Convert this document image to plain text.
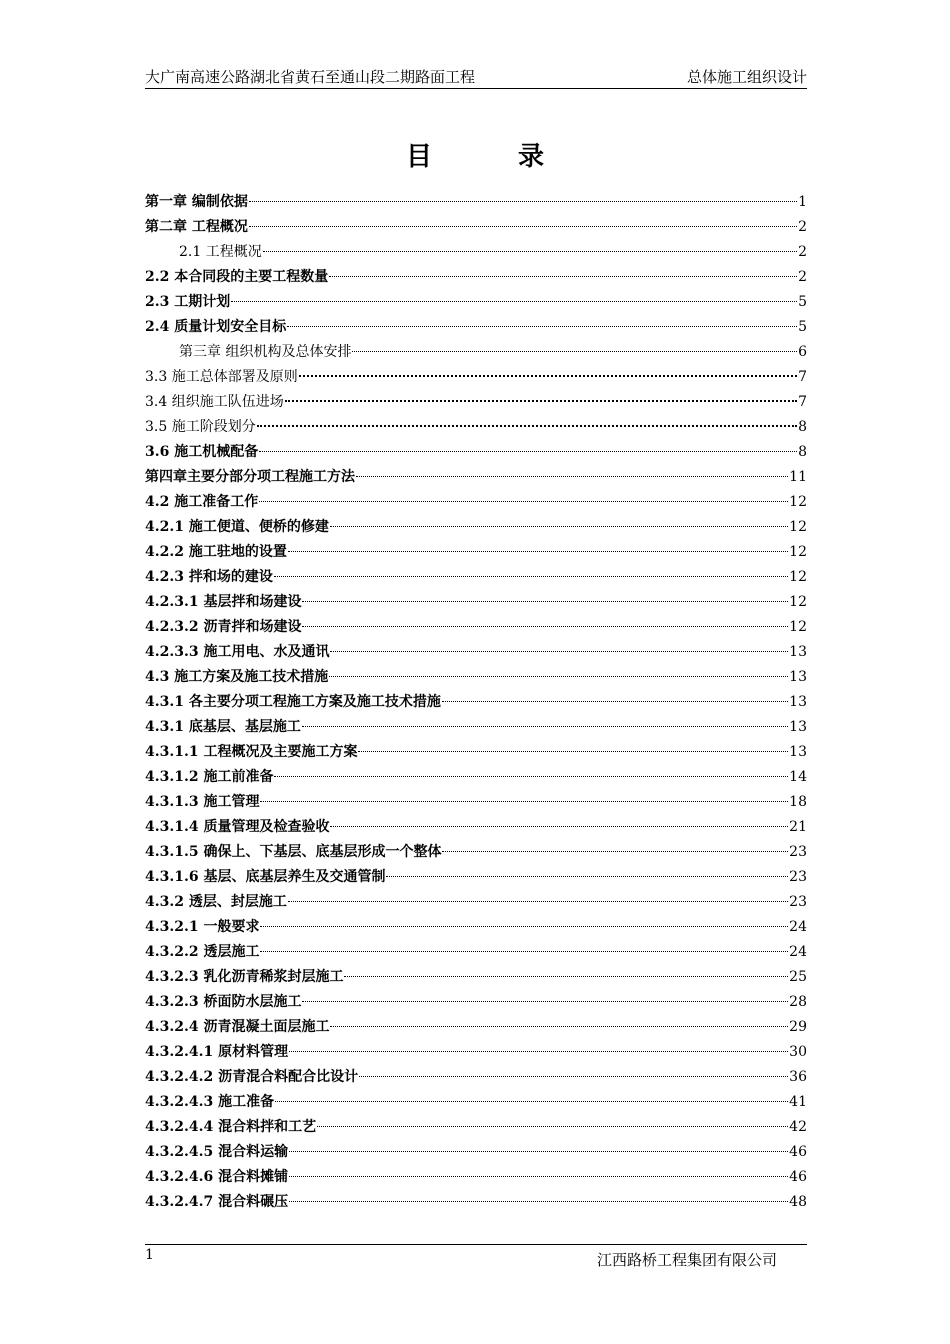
大广南高速公路湖北省黄石至通山段二期路面工程	总体施工组织设计
目录
第一章 编制依据	1
第二章 工程概况	2
2.1 工程概况	2
2.2 本合同段的主要工程数量	2
2.3 工期计划	5
2.4 质量计划安全目标	5
第三章 组织机构及总体安排	6
3.3 施工总体部署及原则	7
3.4 组织施工队伍进场	7
3.5 施工阶段划分	8
3.6 施工机械配备	8
第四章主要分部分项工程施工方法	11
4.2 施工准备工作	12
4.2.1 施工便道、便桥的修建	12
4.2.2 施工驻地的设置	12
4.2.3 拌和场的建设	12
4.2.3.1 基层拌和场建设	12
4.2.3.2 沥青拌和场建设	12
4.2.3.3 施工用电、水及通讯	13
4.3 施工方案及施工技术措施	13
4.3.1 各主要分项工程施工方案及施工技术措施	13
4.3.1 底基层、基层施工	13
4.3.1.1 工程概况及主要施工方案	13
4.3.1.2 施工前准备	14
4.3.1.3 施工管理	18
4.3.1.4 质量管理及检查验收	21
4.3.1.5 确保上、下基层、底基层形成一个整体	23
4.3.1.6 基层、底基层养生及交通管制	23
4.3.2 透层、封层施工	23
4.3.2.1 一般要求	24
4.3.2.2 透层施工	24
4.3.2.3 乳化沥青稀浆封层施工	25
4.3.2.3 桥面防水层施工	28
4.3.2.4 沥青混凝土面层施工	29
4.3.2.4.1 原材料管理	30
4.3.2.4.2 沥青混合料配合比设计	36
4.3.2.4.3 施工准备	41
4.3.2.4.4 混合料拌和工艺	42
4.3.2.4.5 混合料运输	46
4.3.2.4.6 混合料摊铺	46
4.3.2.4.7 混合料碾压	48
1	江西路桥工程集团有限公司
